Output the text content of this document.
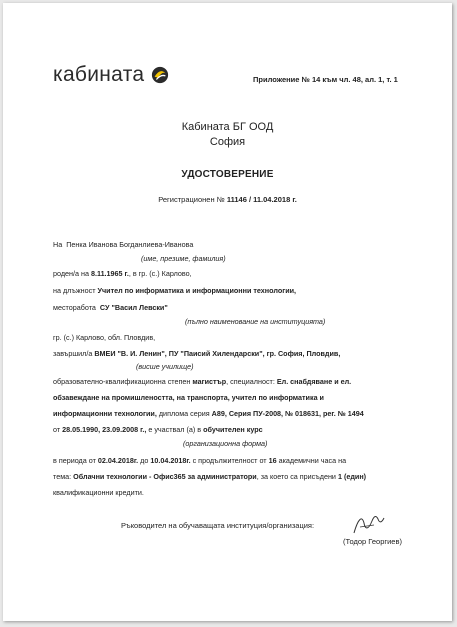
кабината	Приложение № 14 към чл. 48, ал. 1, т. 1
Кабината БГ ООД
София
УДОСТОВЕРЕНИЕ
Регистрационен № 11146 / 11.04.2018 г.
На Пенка Иванова Богданлиева-Иванова
(име, презиме, фамилия)
роден/а на 8.11.1965 г., в гр. (с.) Карлово,
на длъжност Учител по информатика и информационни технологии,
месторабота СУ "Васил Левски"
(пълно наименование на институцията)
гр. (с.) Карлово, обл. Пловдив,
завършил/а ВМЕИ "В. И. Ленин", ПУ "Паисий Хилендарски", гр. София, Пловдив,
(висше училище)
образователно-квалификационна степен магистър, специалност: Ел. снабдяване и ел.
обзавеждане на промишлеността, на транспорта, учител по информатика и
информационни технологии, диплома серия А89, Серия ПУ-2008, № 018631, рег. № 1494
от 28.05.1990, 23.09.2008 г., е участвал (а) в обучителен курс
(организационна форма)
в периода от 02.04.2018г. до 10.04.2018г. с продължителност от 16 академични часа на
тема: Облачни технологии - Офис365 за администратори, за което са присъдени 1 (един)
квалификационни кредити.
Ръководител на обучаващата институция/организация:
(Тодор Георгиев)
